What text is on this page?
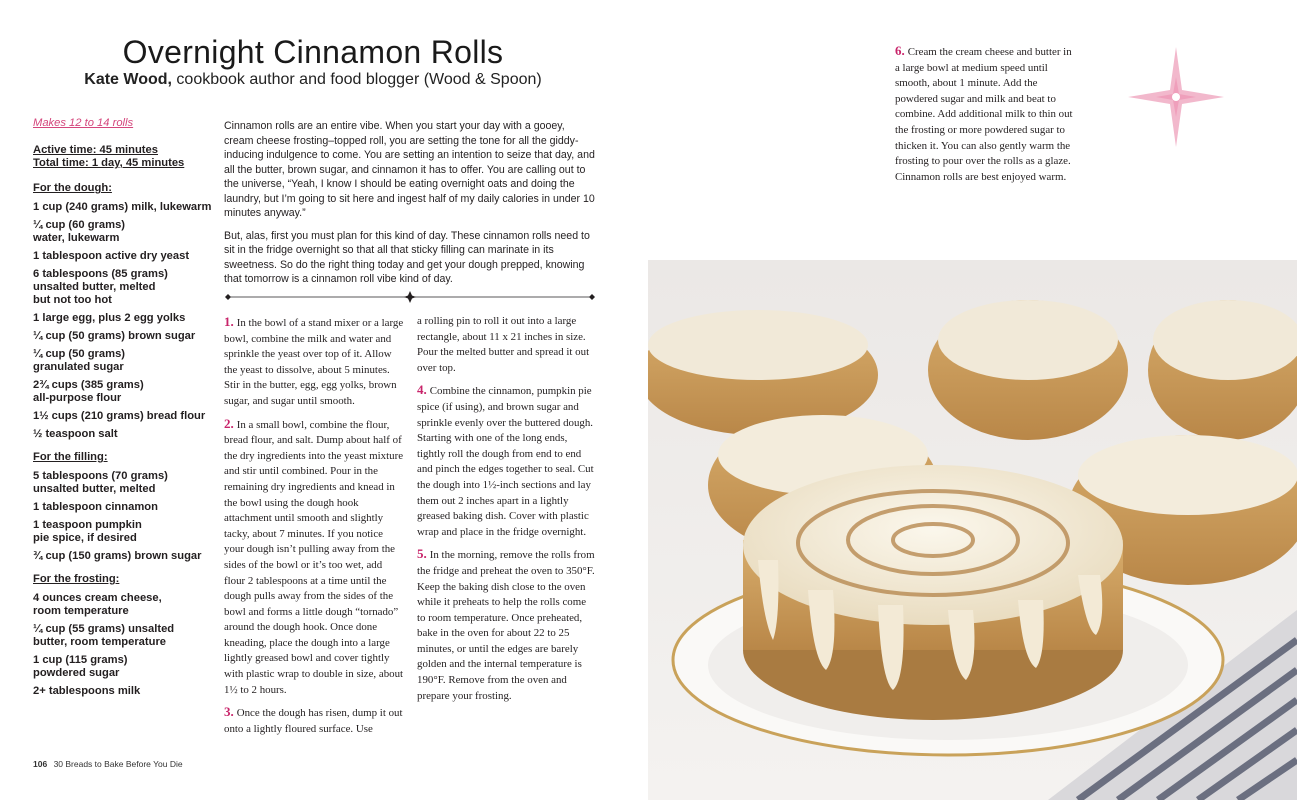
Overnight Cinnamon Rolls
Kate Wood, cookbook author and food blogger (Wood & Spoon)
Makes 12 to 14 rolls
Active time: 45 minutes
Total time: 1 day, 45 minutes
For the dough:
1 cup (240 grams) milk, lukewarm
¼ cup (60 grams) water, lukewarm
1 tablespoon active dry yeast
6 tablespoons (85 grams) unsalted butter, melted but not too hot
1 large egg, plus 2 egg yolks
¼ cup (50 grams) brown sugar
¼ cup (50 grams) granulated sugar
2¾ cups (385 grams) all-purpose flour
1½ cups (210 grams) bread flour
½ teaspoon salt
For the filling:
5 tablespoons (70 grams) unsalted butter, melted
1 tablespoon cinnamon
1 teaspoon pumpkin pie spice, if desired
¾ cup (150 grams) brown sugar
For the frosting:
4 ounces cream cheese, room temperature
¼ cup (55 grams) unsalted butter, room temperature
1 cup (115 grams) powdered sugar
2+ tablespoons milk

Cinnamon rolls are an entire vibe. When you start your day with a gooey, cream cheese frosting–topped roll, you are setting the tone for all the giddy-inducing indulgence to come. You are setting an intention to seize that day, and all the butter, brown sugar, and cinnamon it has to offer. You are calling out to the universe, “Yeah, I know I should be eating overnight oats and doing the laundry, but I’m going to sit here and ingest half of my daily calories in under 10 minutes anyway.”

But, alas, first you must plan for this kind of day. These cinnamon rolls need to sit in the fridge overnight so that all that sticky filling can marinate in its sweetness. So do the right thing today and get your dough prepped, knowing that tomorrow is a cinnamon roll vibe kind of day.

1. In the bowl of a stand mixer or a large bowl, combine the milk and water and sprinkle the yeast over top of it. Allow the yeast to dissolve, about 5 minutes. Stir in the butter, egg, egg yolks, brown sugar, and sugar until smooth.

2. In a small bowl, combine the flour, bread flour, and salt. Dump about half of the dry ingredients into the yeast mixture and stir until combined. Pour in the remaining dry ingredients and knead in the bowl using the dough hook attachment until smooth and slightly tacky, about 7 minutes. If you notice your dough isn’t pulling away from the sides of the bowl or it’s too wet, add flour 2 tablespoons at a time until the dough pulls away from the sides of the bowl and forms a little dough “tornado” around the dough hook. Once done kneading, place the dough into a large lightly greased bowl and cover tightly with plastic wrap to double in size, about 1½ to 2 hours.

3. Once the dough has risen, dump it out onto a lightly floured surface. Use

a rolling pin to roll it out into a large rectangle, about 11 x 21 inches in size. Pour the melted butter and spread it out over top.

4. Combine the cinnamon, pumpkin pie spice (if using), and brown sugar and sprinkle evenly over the buttered dough. Starting with one of the long ends, tightly roll the dough from end to end and pinch the edges together to seal. Cut the dough into 1½-inch sections and lay them out 2 inches apart in a lightly greased baking dish. Cover with plastic wrap and place in the fridge overnight.

5. In the morning, remove the rolls from the fridge and preheat the oven to 350°F. Keep the baking dish close to the oven while it preheats to help the rolls come to room temperature. Once preheated, bake in the oven for about 22 to 25 minutes, or until the edges are barely golden and the internal temperature is 190°F. Remove from the oven and prepare your frosting.

6. Cream the cream cheese and butter in a large bowl at medium speed until smooth, about 1 minute. Add the powdered sugar and milk and beat to combine. Add additional milk to thin out the frosting or more powdered sugar to thicken it. You can also gently warm the frosting to pour over the rolls as a glaze. Cinnamon rolls are best enjoyed warm.

106 30 Breads to Bake Before You Die
